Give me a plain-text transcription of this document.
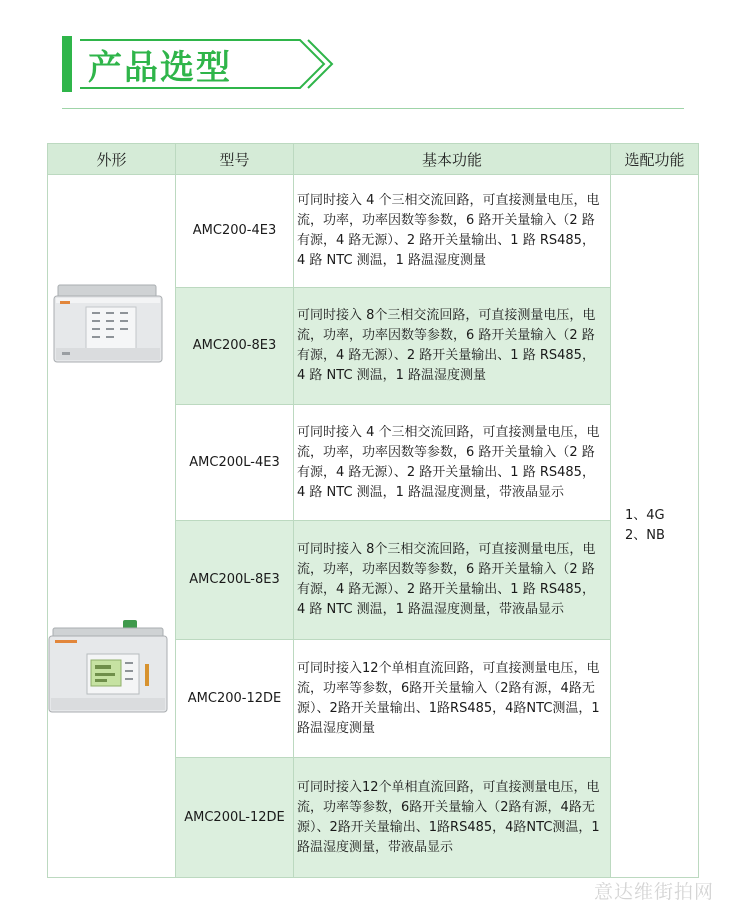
产品选型
外形	型号	基本功能	选配功能
	AMC200-4E3	可同时接入 4 个三相交流回路，可直接测量电压，电流，功率，功率因数等参数，6 路开关量输入（2 路有源，4 路无源）、2 路开关量输出、1 路 RS485， 4 路 NTC 测温，1 路温湿度测量	1、4G
2、NB

	AMC200-8E3	可同时接入 8个三相交流回路，可直接测量电压，电流，功率，功率因数等参数，6 路开关量输入（2 路有源，4 路无源）、2 路开关量输出、1 路 RS485， 4 路 NTC 测温，1 路温湿度测量	
	AMC200L-4E3	可同时接入 4 个三相交流回路，可直接测量电压，电流，功率，功率因数等参数，6 路开关量输入（2 路有源，4 路无源）、2 路开关量输出、1 路 RS485， 4 路 NTC 测温，1 路温湿度测量，带液晶显示	
	AMC200L-8E3	可同时接入 8个三相交流回路，可直接测量电压，电流，功率，功率因数等参数，6 路开关量输入（2 路有源，4 路无源）、2 路开关量输出、1 路 RS485， 4 路 NTC 测温，1 路温湿度测量，带液晶显示	
	AMC200-12DE	可同时接入12个单相直流回路，可直接测量电压，电流，功率等参数，6路开关量输入（2路有源，4路无源）、2路开关量输出、1路RS485，4路NTC测温，1路温湿度测量	
	AMC200L-12DE	可同时接入12个单相直流回路，可直接测量电压，电流，功率等参数，6路开关量输入（2路有源，4路无源）、2路开关量输出、1路RS485，4路NTC测温，1路温湿度测量，带液晶显示	
意达维街拍网
